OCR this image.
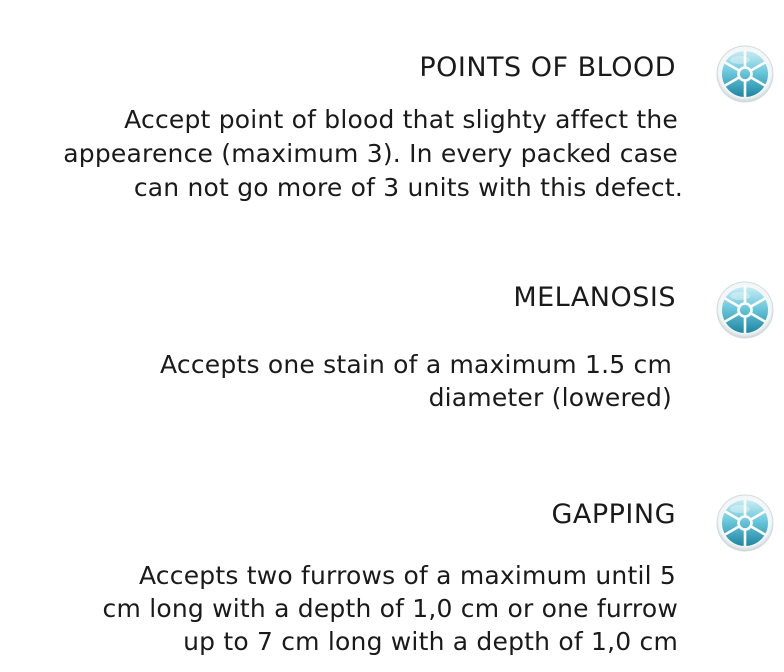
POINTS OF BLOOD

Accept point of blood that slighty affect the
appearence (maximum 3). In every packed case
can not go more of 3 units with this defect.

MELANOSIS

Accepts one stain of a maximum 1.5 cm
diameter (lowered)

GAPPING

Accepts two furrows of a maximum until 5
cm long with a depth of 1,0 cm or one furrow
up to 7 cm long with a depth of 1,0 cm
